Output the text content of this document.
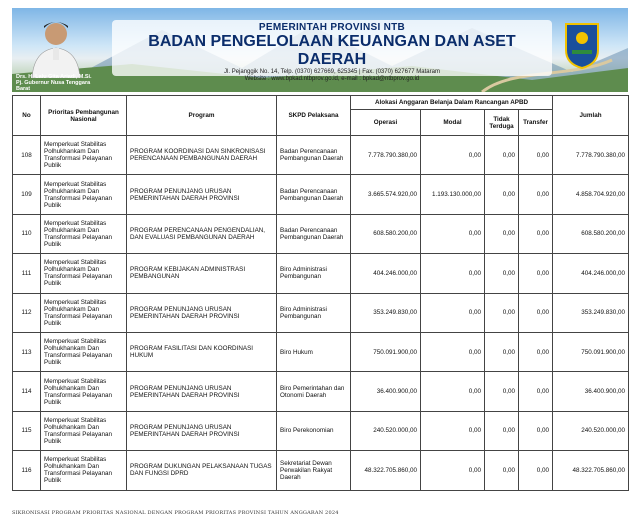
Drs. H. Lalu Gita Ariadi, M.Si.
Pj. Gubernur Nusa Tenggara Barat
PEMERINTAH PROVINSI NTB
BADAN PENGELOLAAN KEUANGAN DAN ASET DAERAH
Jl. Pejanggik No. 14, Telp. (0370) 627669, 625345 | Fax. (0370) 627677 Mataram
Website : www.bpkad.ntbprov.go.id, e-mail : bpkad@ntbprov.go.id
No	Prioritas Pembangunan Nasional	Program	SKPD Pelaksana	Alokasi Anggaran Belanja Dalam Rancangan APBD				Jumlah
				Operasi	Modal	Tidak Terduga	Transfer	
108	Memperkuat Stabilitas Polhukhankam Dan Transformasi Pelayanan Publik	PROGRAM KOORDINASI DAN SINKRONISASI PERENCANAAN PEMBANGUNAN DAERAH	Badan Perencanaan Pembangunan Daerah	7.778.790.380,00	0,00	0,00	0,00	7.778.790.380,00
109	Memperkuat Stabilitas Polhukhankam Dan Transformasi Pelayanan Publik	PROGRAM PENUNJANG URUSAN PEMERINTAHAN DAERAH PROVINSI	Badan Perencanaan Pembangunan Daerah	3.665.574.920,00	1.193.130.000,00	0,00	0,00	4.858.704.920,00
110	Memperkuat Stabilitas Polhukhankam Dan Transformasi Pelayanan Publik	PROGRAM PERENCANAAN PENGENDALIAN, DAN EVALUASI PEMBANGUNAN DAERAH	Badan Perencanaan Pembangunan Daerah	608.580.200,00	0,00	0,00	0,00	608.580.200,00
111	Memperkuat Stabilitas Polhukhankam Dan Transformasi Pelayanan Publik	PROGRAM KEBIJAKAN ADMINISTRASI PEMBANGUNAN	Biro Administrasi Pembangunan	404.246.000,00	0,00	0,00	0,00	404.246.000,00
112	Memperkuat Stabilitas Polhukhankam Dan Transformasi Pelayanan Publik	PROGRAM PENUNJANG URUSAN PEMERINTAHAN DAERAH PROVINSI	Biro Administrasi Pembangunan	353.249.830,00	0,00	0,00	0,00	353.249.830,00
113	Memperkuat Stabilitas Polhukhankam Dan Transformasi Pelayanan Publik	PROGRAM FASILITASI DAN KOORDINASI HUKUM	Biro Hukum	750.091.900,00	0,00	0,00	0,00	750.091.900,00
114	Memperkuat Stabilitas Polhukhankam Dan Transformasi Pelayanan Publik	PROGRAM PENUNJANG URUSAN PEMERINTAHAN DAERAH PROVINSI	Biro Pemerintahan dan Otonomi Daerah	36.400.900,00	0,00	0,00	0,00	36.400.900,00
115	Memperkuat Stabilitas Polhukhankam Dan Transformasi Pelayanan Publik	PROGRAM PENUNJANG URUSAN PEMERINTAHAN DAERAH PROVINSI	Biro Perekonomian	240.520.000,00	0,00	0,00	0,00	240.520.000,00
116	Memperkuat Stabilitas Polhukhankam Dan Transformasi Pelayanan Publik	PROGRAM DUKUNGAN PELAKSANAAN TUGAS DAN FUNGSI DPRD	Sekretariat Dewan Perwakilan Rakyat Daerah	48.322.705.860,00	0,00	0,00	0,00	48.322.705.860,00
SIKRONISASI PROGRAM PRIORITAS NASIONAL DENGAN PROGRAM PRIORITAS PROVINSI TAHUN ANGGARAN 2024
